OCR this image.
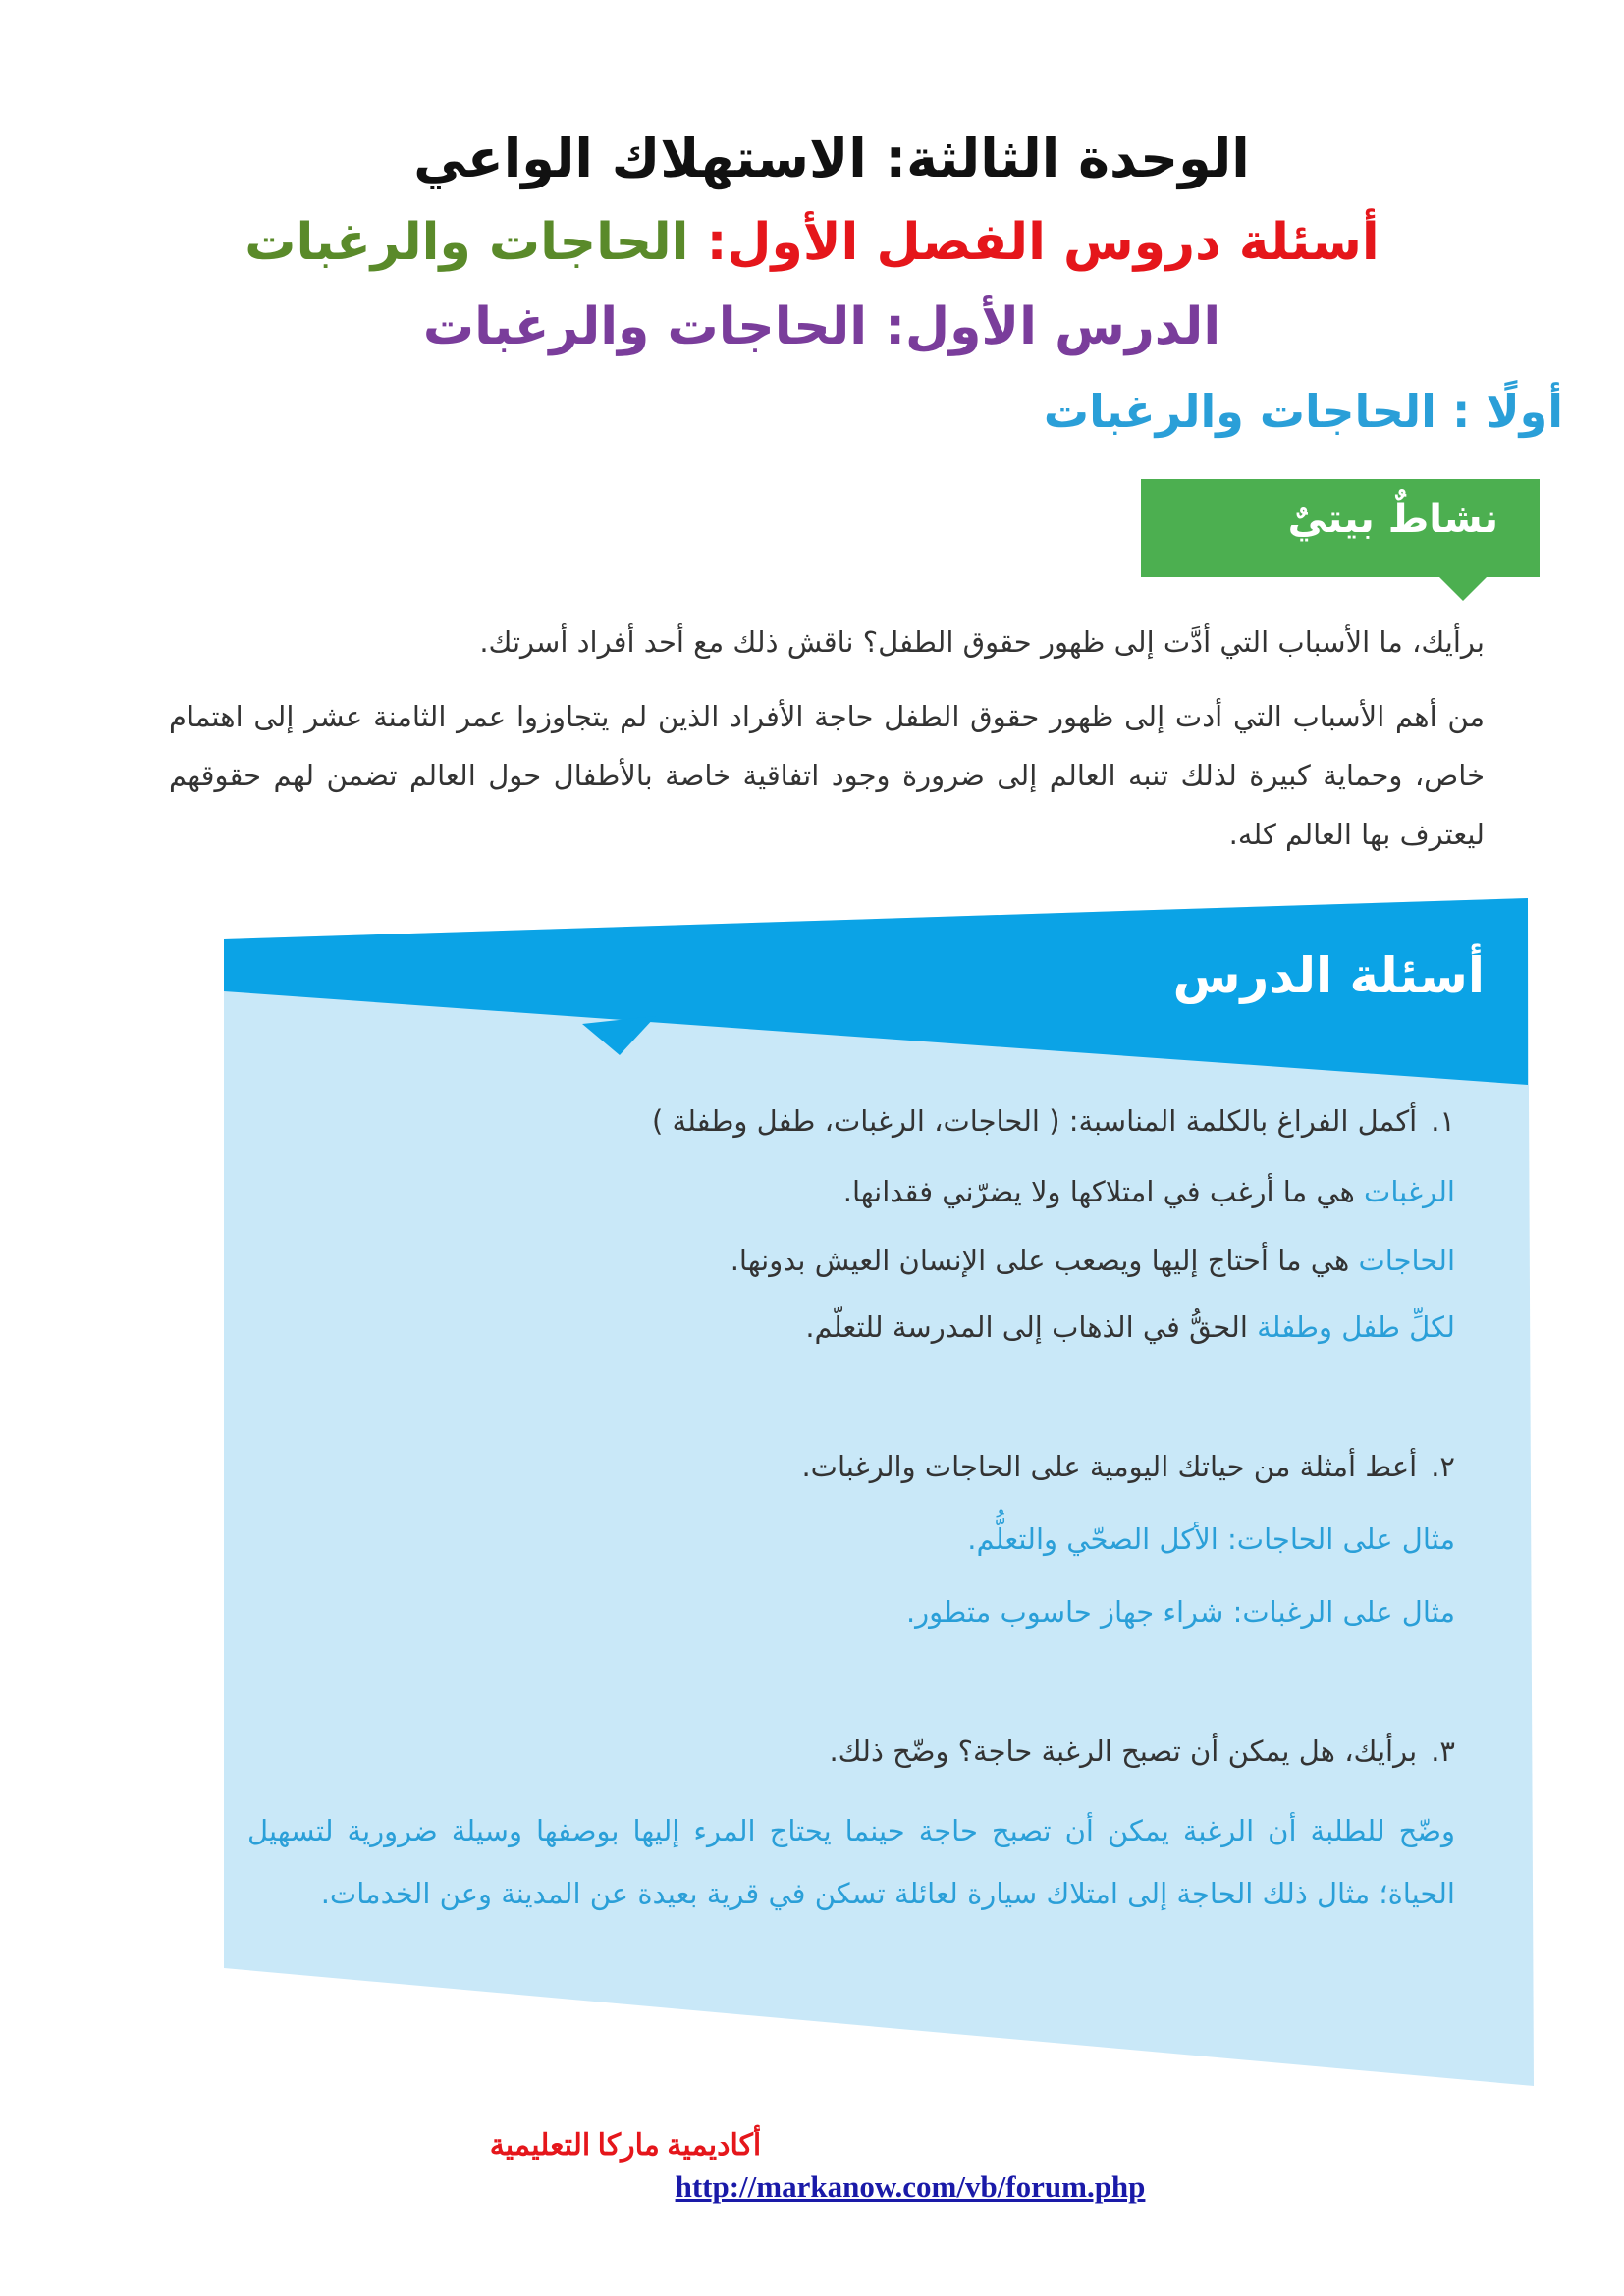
الوحدة الثالثة: الاستهلاك الواعي
أسئلة دروس الفصل الأول: الحاجات والرغبات
الدرس الأول: الحاجات والرغبات
أولًا : الحاجات والرغبات
نشاطٌ بيتيٌ
برأيك، ما الأسباب التي أدَّت إلى ظهور حقوق الطفل؟ ناقش ذلك مع أحد أفراد أسرتك.
من أهم الأسباب التي أدت إلى ظهور حقوق الطفل حاجة الأفراد الذين لم يتجاوزوا عمر الثامنة عشر إلى اهتمام خاص، وحماية كبيرة لذلك تنبه العالم إلى ضرورة وجود اتفاقية خاصة بالأطفال حول العالم تضمن لهم حقوقهم ليعترف بها العالم كله.
أسئلة الدرس
١.أكمل الفراغ بالكلمة المناسبة: ( الحاجات، الرغبات، طفل وطفلة )
الرغبات هي ما أرغب في امتلاكها ولا يضرّني فقدانها.
الحاجات هي ما أحتاج إليها ويصعب على الإنسان العيش بدونها.
لكلِّ طفل وطفلة الحقُّ في الذهاب إلى المدرسة للتعلّم.
٢.أعط أمثلة من حياتك اليومية على الحاجات والرغبات.
مثال على الحاجات: الأكل الصحّي والتعلُّم.
مثال على الرغبات: شراء جهاز حاسوب متطور.
٣.برأيك، هل يمكن أن تصبح الرغبة حاجة؟ وضّح ذلك.
وضّح للطلبة أن الرغبة يمكن أن تصبح حاجة حينما يحتاج المرء إليها بوصفها وسيلة ضرورية لتسهيل الحياة؛ مثال ذلك الحاجة إلى امتلاك سيارة لعائلة تسكن في قرية بعيدة عن المدينة وعن الخدمات.
أكاديمية ماركا التعليمية
http://markanow.com/vb/forum.php
